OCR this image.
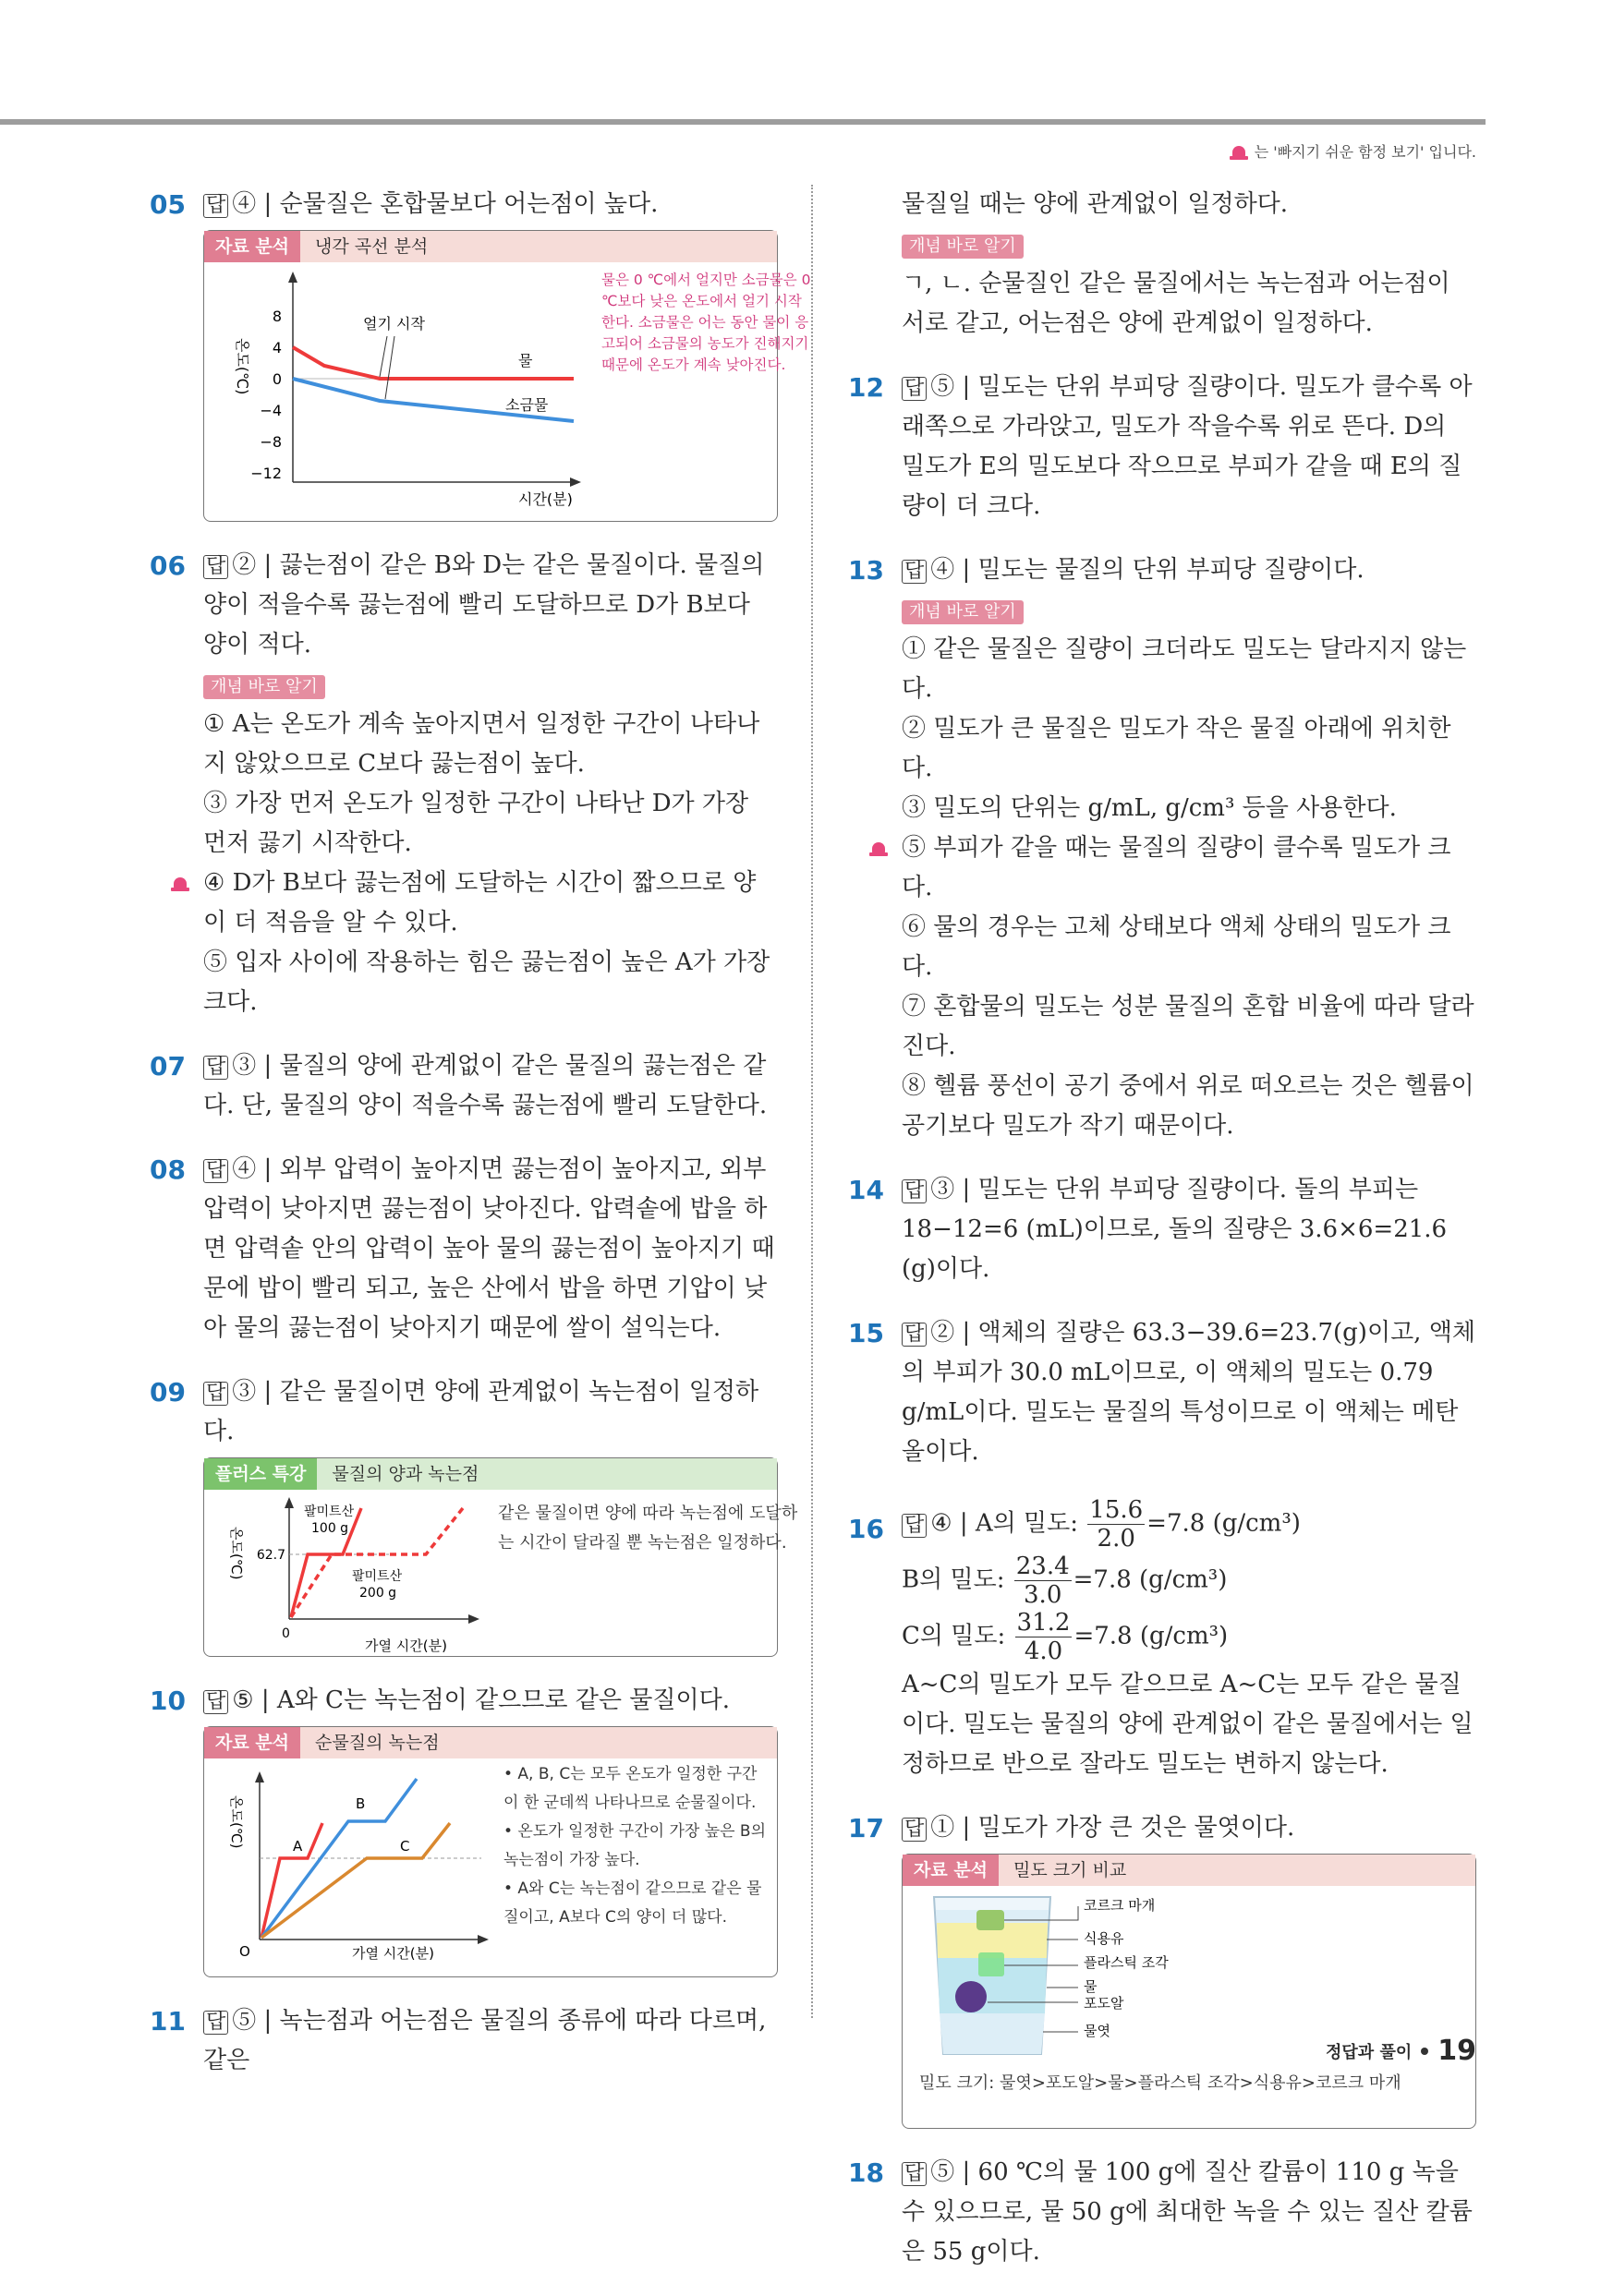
는 '빠지기 쉬운 함정 보기' 입니다.
05 답 ④ | 순물질은 혼합물보다 어는점이 높다.

자료 분석	냉각 곡선 분석
온도(℃)
8
4
0
−4
−8
−12
얼기 시작
물
소금물
시간(분)
물은 0 ℃에서 얼지만 소금물은 0 ℃보다 낮은 온도에서 얼기 시작한다. 소금물은 어는 동안 물이 응고되어 소금물의 농도가 진해지기 때문에 온도가 계속 낮아진다.
06 답 ② | 끓는점이 같은 B와 D는 같은 물질이다. 물질의 양이 적을수록 끓는점에 빨리 도달하므로 D가 B보다 양이 적다.

개념 바로 알기

① A는 온도가 계속 높아지면서 일정한 구간이 나타나지 않았으므로 C보다 끓는점이 높다.

③ 가장 먼저 온도가 일정한 구간이 나타난 D가 가장 먼저 끓기 시작한다.

④ D가 B보다 끓는점에 도달하는 시간이 짧으므로 양이 더 적음을 알 수 있다.

⑤ 입자 사이에 작용하는 힘은 끓는점이 높은 A가 가장 크다.

07 답 ③ | 물질의 양에 관계없이 같은 물질의 끓는점은 같다. 단, 물질의 양이 적을수록 끓는점에 빨리 도달한다.

08 답 ④ | 외부 압력이 높아지면 끓는점이 높아지고, 외부 압력이 낮아지면 끓는점이 낮아진다. 압력솥에 밥을 하면 압력솥 안의 압력이 높아 물의 끓는점이 높아지기 때문에 밥이 빨리 되고, 높은 산에서 밥을 하면 기압이 낮아 물의 끓는점이 낮아지기 때문에 쌀이 설익는다.

09 답 ③ | 같은 물질이면 양에 관계없이 녹는점이 일정하다.

플러스 특강	물질의 양과 녹는점
온도(℃) 62.7
팔미트산
100 g
팔미트산
200 g
0
가열 시간(분)
같은 물질이면 양에 따라 녹는점에 도달하는 시간이 달라질 뿐 녹는점은 일정하다.
10 답 ⑤ | A와 C는 녹는점이 같으므로 같은 물질이다.

자료 분석	순물질의 녹는점
온도(℃)	A
B
C
O	가열 시간(분)
• A, B, C는 모두 온도가 일정한 구간이 한 군데씩 나타나므로 순물질이다.
• 온도가 일정한 구간이 가장 높은 B의 녹는점이 가장 높다.
• A와 C는 녹는점이 같으므로 같은 물질이고, A보다 C의 양이 더 많다.
11 답 ⑤ | 녹는점과 어는점은 물질의 종류에 따라 다르며, 같은

물질일 때는 양에 관계없이 일정하다.

개념 바로 알기

ㄱ, ㄴ. 순물질인 같은 물질에서는 녹는점과 어는점이 서로 같고, 어는점은 양에 관계없이 일정하다.

12 답 ⑤ | 밀도는 단위 부피당 질량이다. 밀도가 클수록 아래쪽으로 가라앉고, 밀도가 작을수록 위로 뜬다. D의 밀도가 E의 밀도보다 작으므로 부피가 같을 때 E의 질량이 더 크다.

13 답 ④ | 밀도는 물질의 단위 부피당 질량이다.

개념 바로 알기

① 같은 물질은 질량이 크더라도 밀도는 달라지지 않는다.

② 밀도가 큰 물질은 밀도가 작은 물질 아래에 위치한다.

③ 밀도의 단위는 g/mL, g/cm³ 등을 사용한다.

⑤ 부피가 같을 때는 물질의 질량이 클수록 밀도가 크다.

⑥ 물의 경우는 고체 상태보다 액체 상태의 밀도가 크다.

⑦ 혼합물의 밀도는 성분 물질의 혼합 비율에 따라 달라진다.

⑧ 헬륨 풍선이 공기 중에서 위로 떠오르는 것은 헬륨이 공기보다 밀도가 작기 때문이다.

14 답 ③ | 밀도는 단위 부피당 질량이다. 돌의 부피는 18−12=6 (mL)이므로, 돌의 질량은 3.6×6=21.6 (g)이다.

15 답 ② | 액체의 질량은 63.3−39.6=23.7(g)이고, 액체의 부피가 30.0 mL이므로, 이 액체의 밀도는 0.79 g/mL이다. 밀도는 물질의 특성이므로 이 액체는 메탄올이다.

16 답 ④ | A의 밀도: $\frac{15.6}{2.0} =7.8$ (g/cm³)

B의 밀도: $\frac{23.4}{3.0} =7.8$ (g/cm³)

C의 밀도: $\frac{31.2}{4.0} =7.8$ (g/cm³)

A~C의 밀도가 모두 같으므로 A~C는 모두 같은 물질이다. 밀도는 물질의 양에 관계없이 같은 물질에서는 일정하므로 반으로 잘라도 밀도는 변하지 않는다.

17 답 ① | 밀도가 가장 큰 것은 물엿이다.

자료 분석	밀도 크기 비교
코르크 마개
식용유
플라스틱 조각
물
포도알
물엿
밀도 크기: 물엿>포도알>물>플라스틱 조각>식용유>코르크 마개
18 답 ⑤ | 60 ℃의 물 100 g에 질산 칼륨이 110 g 녹을 수 있으므로, 물 50 g에 최대한 녹을 수 있는 질산 칼륨은 55 g이다.

정답과 풀이 19
